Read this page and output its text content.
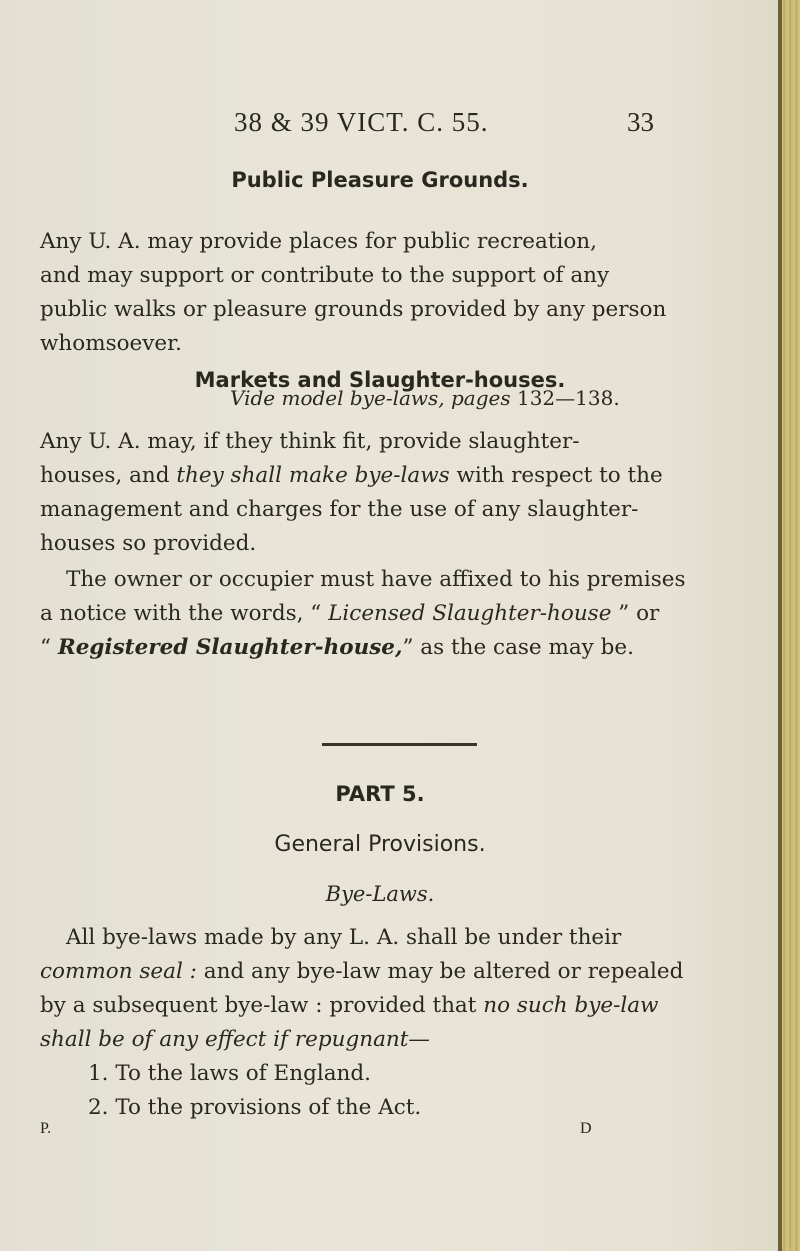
38 & 39 VICT. C. 55.	33
Public Pleasure Grounds.
Any U. A. may provide places for public recreation,
and may support or contribute to the support of any
public walks or pleasure grounds provided by any person
whomsoever.
Markets and Slaughter-houses.
Vide model bye-laws, pages 132—138.
Any U. A. may, if they think fit, provide slaughter-
houses, and they shall make bye-laws with respect to the
management and charges for the use of any slaughter-
houses so provided.
The owner or occupier must have affixed to his premises
a notice with the words, “ Licensed Slaughter-house ” or
“ Registered Slaughter-house,” as the case may be.
PART 5.
General Provisions.
Bye-Laws.
All bye-laws made by any L. A. shall be under their
common seal : and any bye-law may be altered or repealed
by a subsequent bye-law : provided that no such bye-law
shall be of any effect if repugnant—
1. To the laws of England.
2. To the provisions of the Act.
P.	D
